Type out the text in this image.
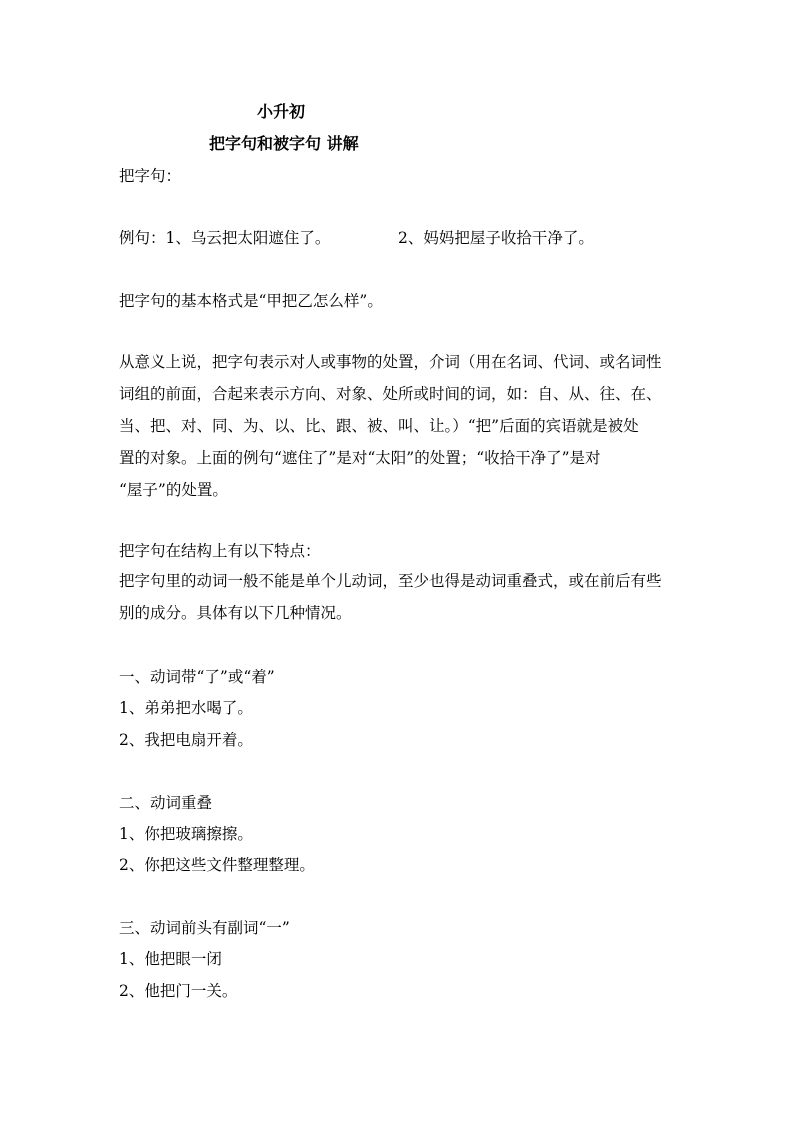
小升初
把字句和被字句 讲解
把字句：
例句：1、乌云把太阳遮住了。	2、妈妈把屋子收拾干净了。
把字句的基本格式是“甲把乙怎么样”。
从意义上说，把字句表示对人或事物的处置，介词（用在名词、代词、或名词性
词组的前面，合起来表示方向、对象、处所或时间的词，如：自、从、往、在、
当、把、对、同、为、以、比、跟、被、叫、让。）“把”后面的宾语就是被处
置的对象。上面的例句“遮住了”是对“太阳”的处置；“收拾干净了”是对
“屋子”的处置。
把字句在结构上有以下特点：
把字句里的动词一般不能是单个儿动词，至少也得是动词重叠式，或在前后有些
别的成分。具体有以下几种情况。
一、动词带“了”或“着”
1、弟弟把水喝了。
2、我把电扇开着。
二、动词重叠
1、你把玻璃擦擦。
2、你把这些文件整理整理。
三、动词前头有副词“一”
1、他把眼一闭
2、他把门一关。
